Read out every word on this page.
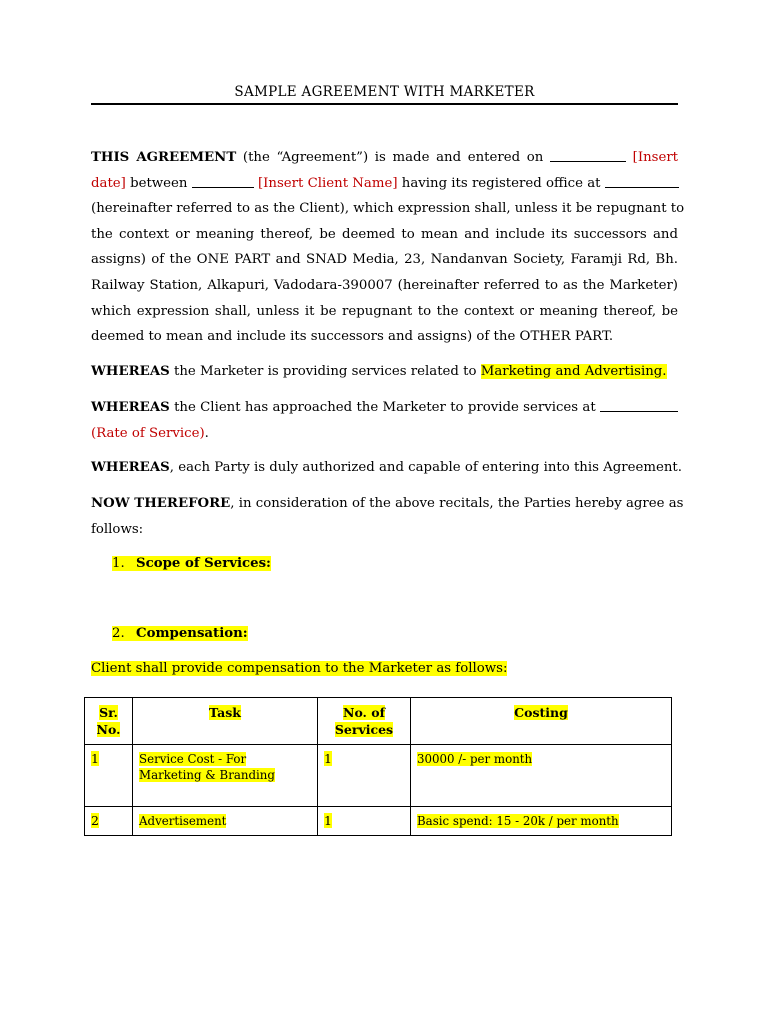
SAMPLE AGREEMENT WITH MARKETER
THIS AGREEMENT (the “Agreement”) is made and entered on	[Insert
date] between	[Insert Client Name] having its registered office at
(hereinafter referred to as the Client), which expression shall, unless it be repugnant to
the context or meaning thereof, be deemed to mean and include its successors and
assigns) of the ONE PART and SNAD Media, 23, Nandanvan Society, Faramji Rd, Bh.
Railway Station, Alkapuri, Vadodara-390007 (hereinafter referred to as the Marketer)
which expression shall, unless it be repugnant to the context or meaning thereof, be
deemed to mean and include its successors and assigns) of the OTHER PART.

WHEREAS the Marketer is providing services related to Marketing and Advertising.

WHEREAS the Client has approached the Marketer to provide services at
(Rate of Service).

WHEREAS, each Party is duly authorized and capable of entering into this Agreement.

NOW THEREFORE, in consideration of the above recitals, the Parties hereby agree as
follows:
1. Scope of Services:
2. Compensation:

Client shall provide compensation to the Marketer as follows:

Sr. No.	Task	No. of Services	Costing
1	Service Cost - For Marketing & Branding	1	30000 /- per month
2	Advertisement	1	Basic spend: 15 - 20k / per month
